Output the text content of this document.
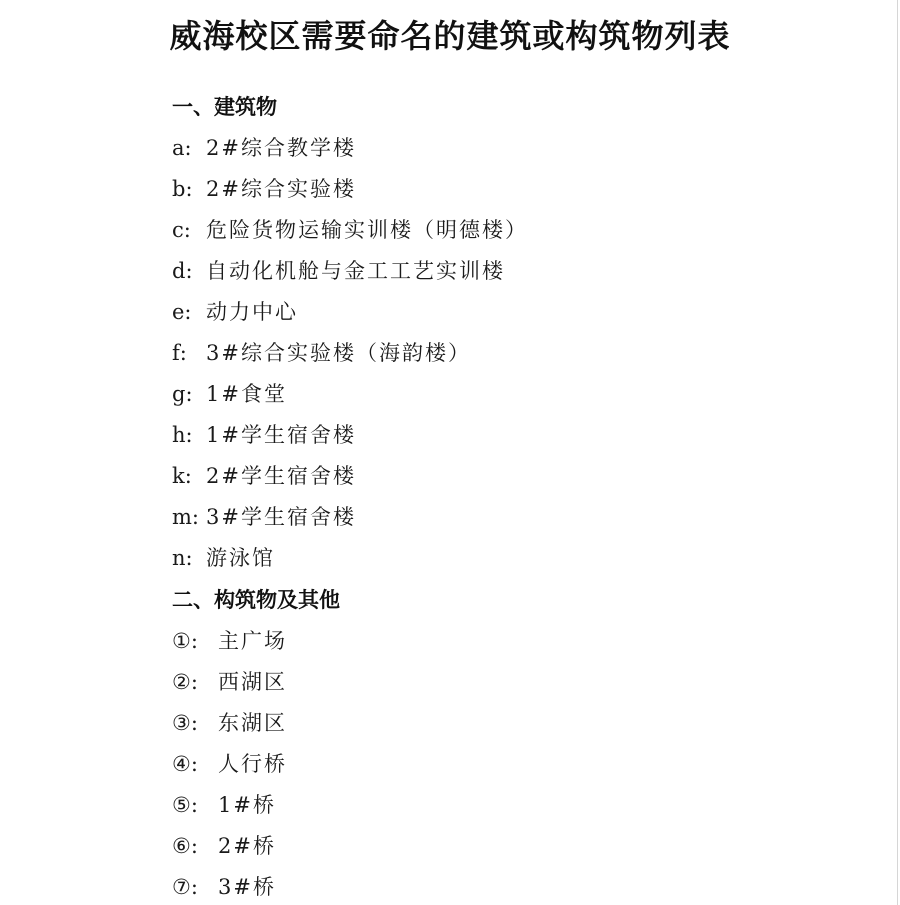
威海校区需要命名的建筑或构筑物列表
一、建筑物
a: 2#综合教学楼
b: 2#综合实验楼
c: 危险货物运输实训楼（明德楼）
d: 自动化机舱与金工工艺实训楼
e: 动力中心
f: 3#综合实验楼（海韵楼）
g: 1#食堂
h: 1#学生宿舍楼
k: 2#学生宿舍楼
m: 3#学生宿舍楼
n: 游泳馆
二、构筑物及其他
①: 主广场
②: 西湖区
③: 东湖区
④: 人行桥
⑤: 1#桥
⑥: 2#桥
⑦: 3#桥
